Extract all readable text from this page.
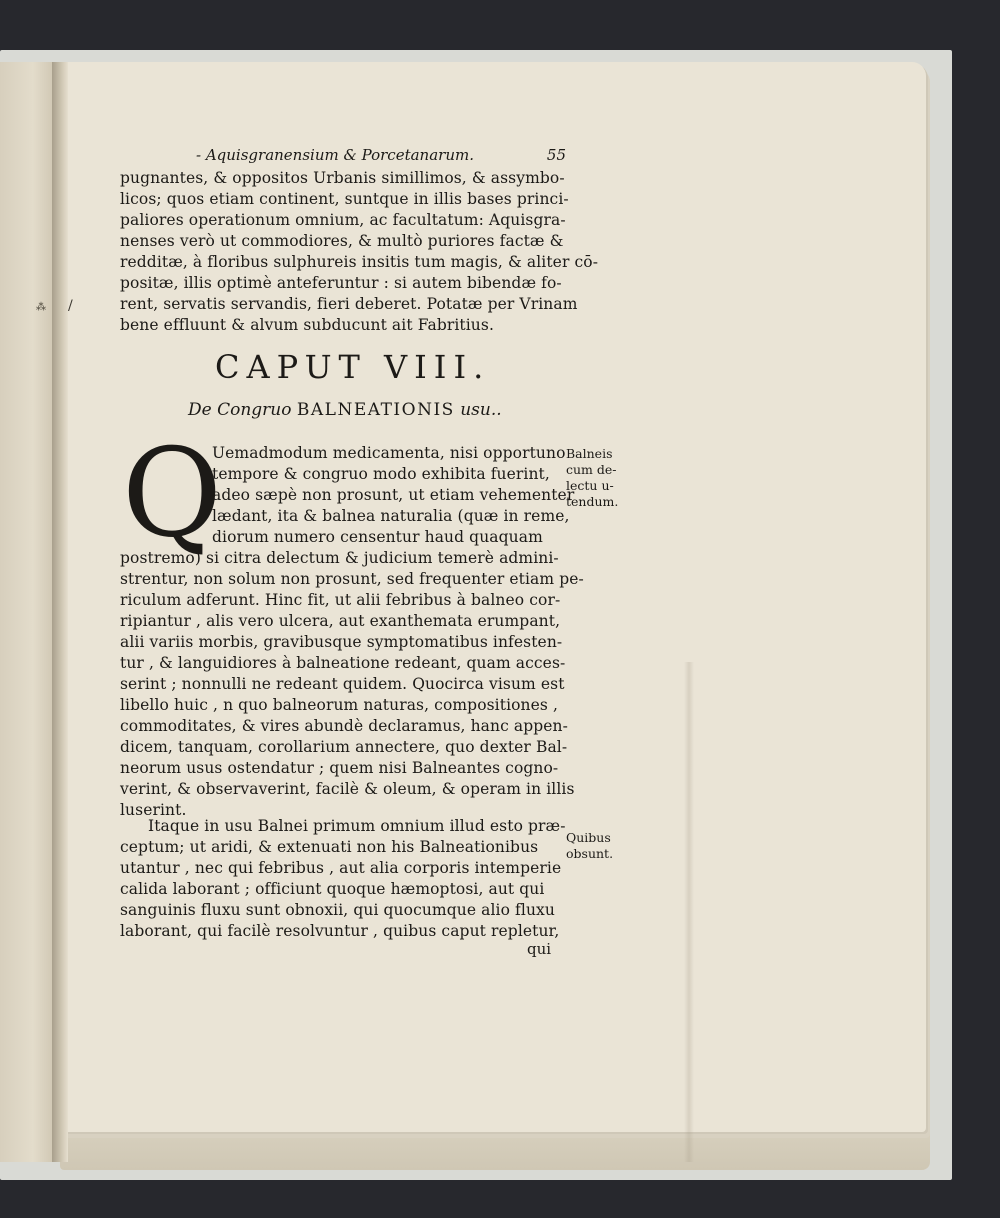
⁂ /
- Aquisgranensium & Porcetanarum.	55
pugnantes, & oppositos Urbanis simillimos, & assymbo-
licos; quos etiam continent, suntque in illis bases princi-
paliores operationum omnium, ac facultatum: Aquisgra-
nenses verò ut commodiores, & multò puriores factæ &
redditæ, à floribus sulphureis insitis tum magis, & aliter cō-
positæ, illis optimè anteferuntur : si autem bibendæ fo-
rent, servatis servandis, fieri deberet. Potatæ per Vrinam
bene effluunt & alvum subducunt ait Fabritius.
CAPUT VIII.
De Congruo BALNEATIONIS usu..
Q
Uemadmodum medicamenta, nisi opportuno
tempore & congruo modo exhibita fuerint,
adeo sæpè non prosunt, ut etiam vehementer
lædant, ita & balnea naturalia (quæ in reme,
diorum numero censentur haud quaquam
postremo) si citra delectum & judicium temerè admini-
strentur, non solum non prosunt, sed frequenter etiam pe-
riculum adferunt. Hinc fit, ut alii febribus à balneo cor-
ripiantur , alis vero ulcera, aut exanthemata erumpant,
alii variis morbis, gravibusque symptomatibus infesten-
tur , & languidiores à balneatione redeant, quam acces-
serint ; nonnulli ne redeant quidem. Quocirca visum est
libello huic , n quo balneorum naturas, compositiones ,
commoditates, & vires abundè declaramus, hanc appen-
dicem, tanquam, corollarium annectere, quo dexter Bal-
neorum usus ostendatur ; quem nisi Balneantes cogno-
verint, & observaverint, facilè & oleum, & operam in illis
luserint.
Itaque in usu Balnei primum omnium illud esto præ-
ceptum; ut aridi, & extenuati non his Balneationibus
utantur , nec qui febribus , aut alia corporis intemperie
calida laborant ; officiunt quoque hæmoptosi, aut qui
sanguinis fluxu sunt obnoxii, qui quocumque alio fluxu
laborant, qui facilè resolvuntur , quibus caput repletur,
qui
Balneis
cum de-
lectu u-
tendum.
Quibus
obsunt.
